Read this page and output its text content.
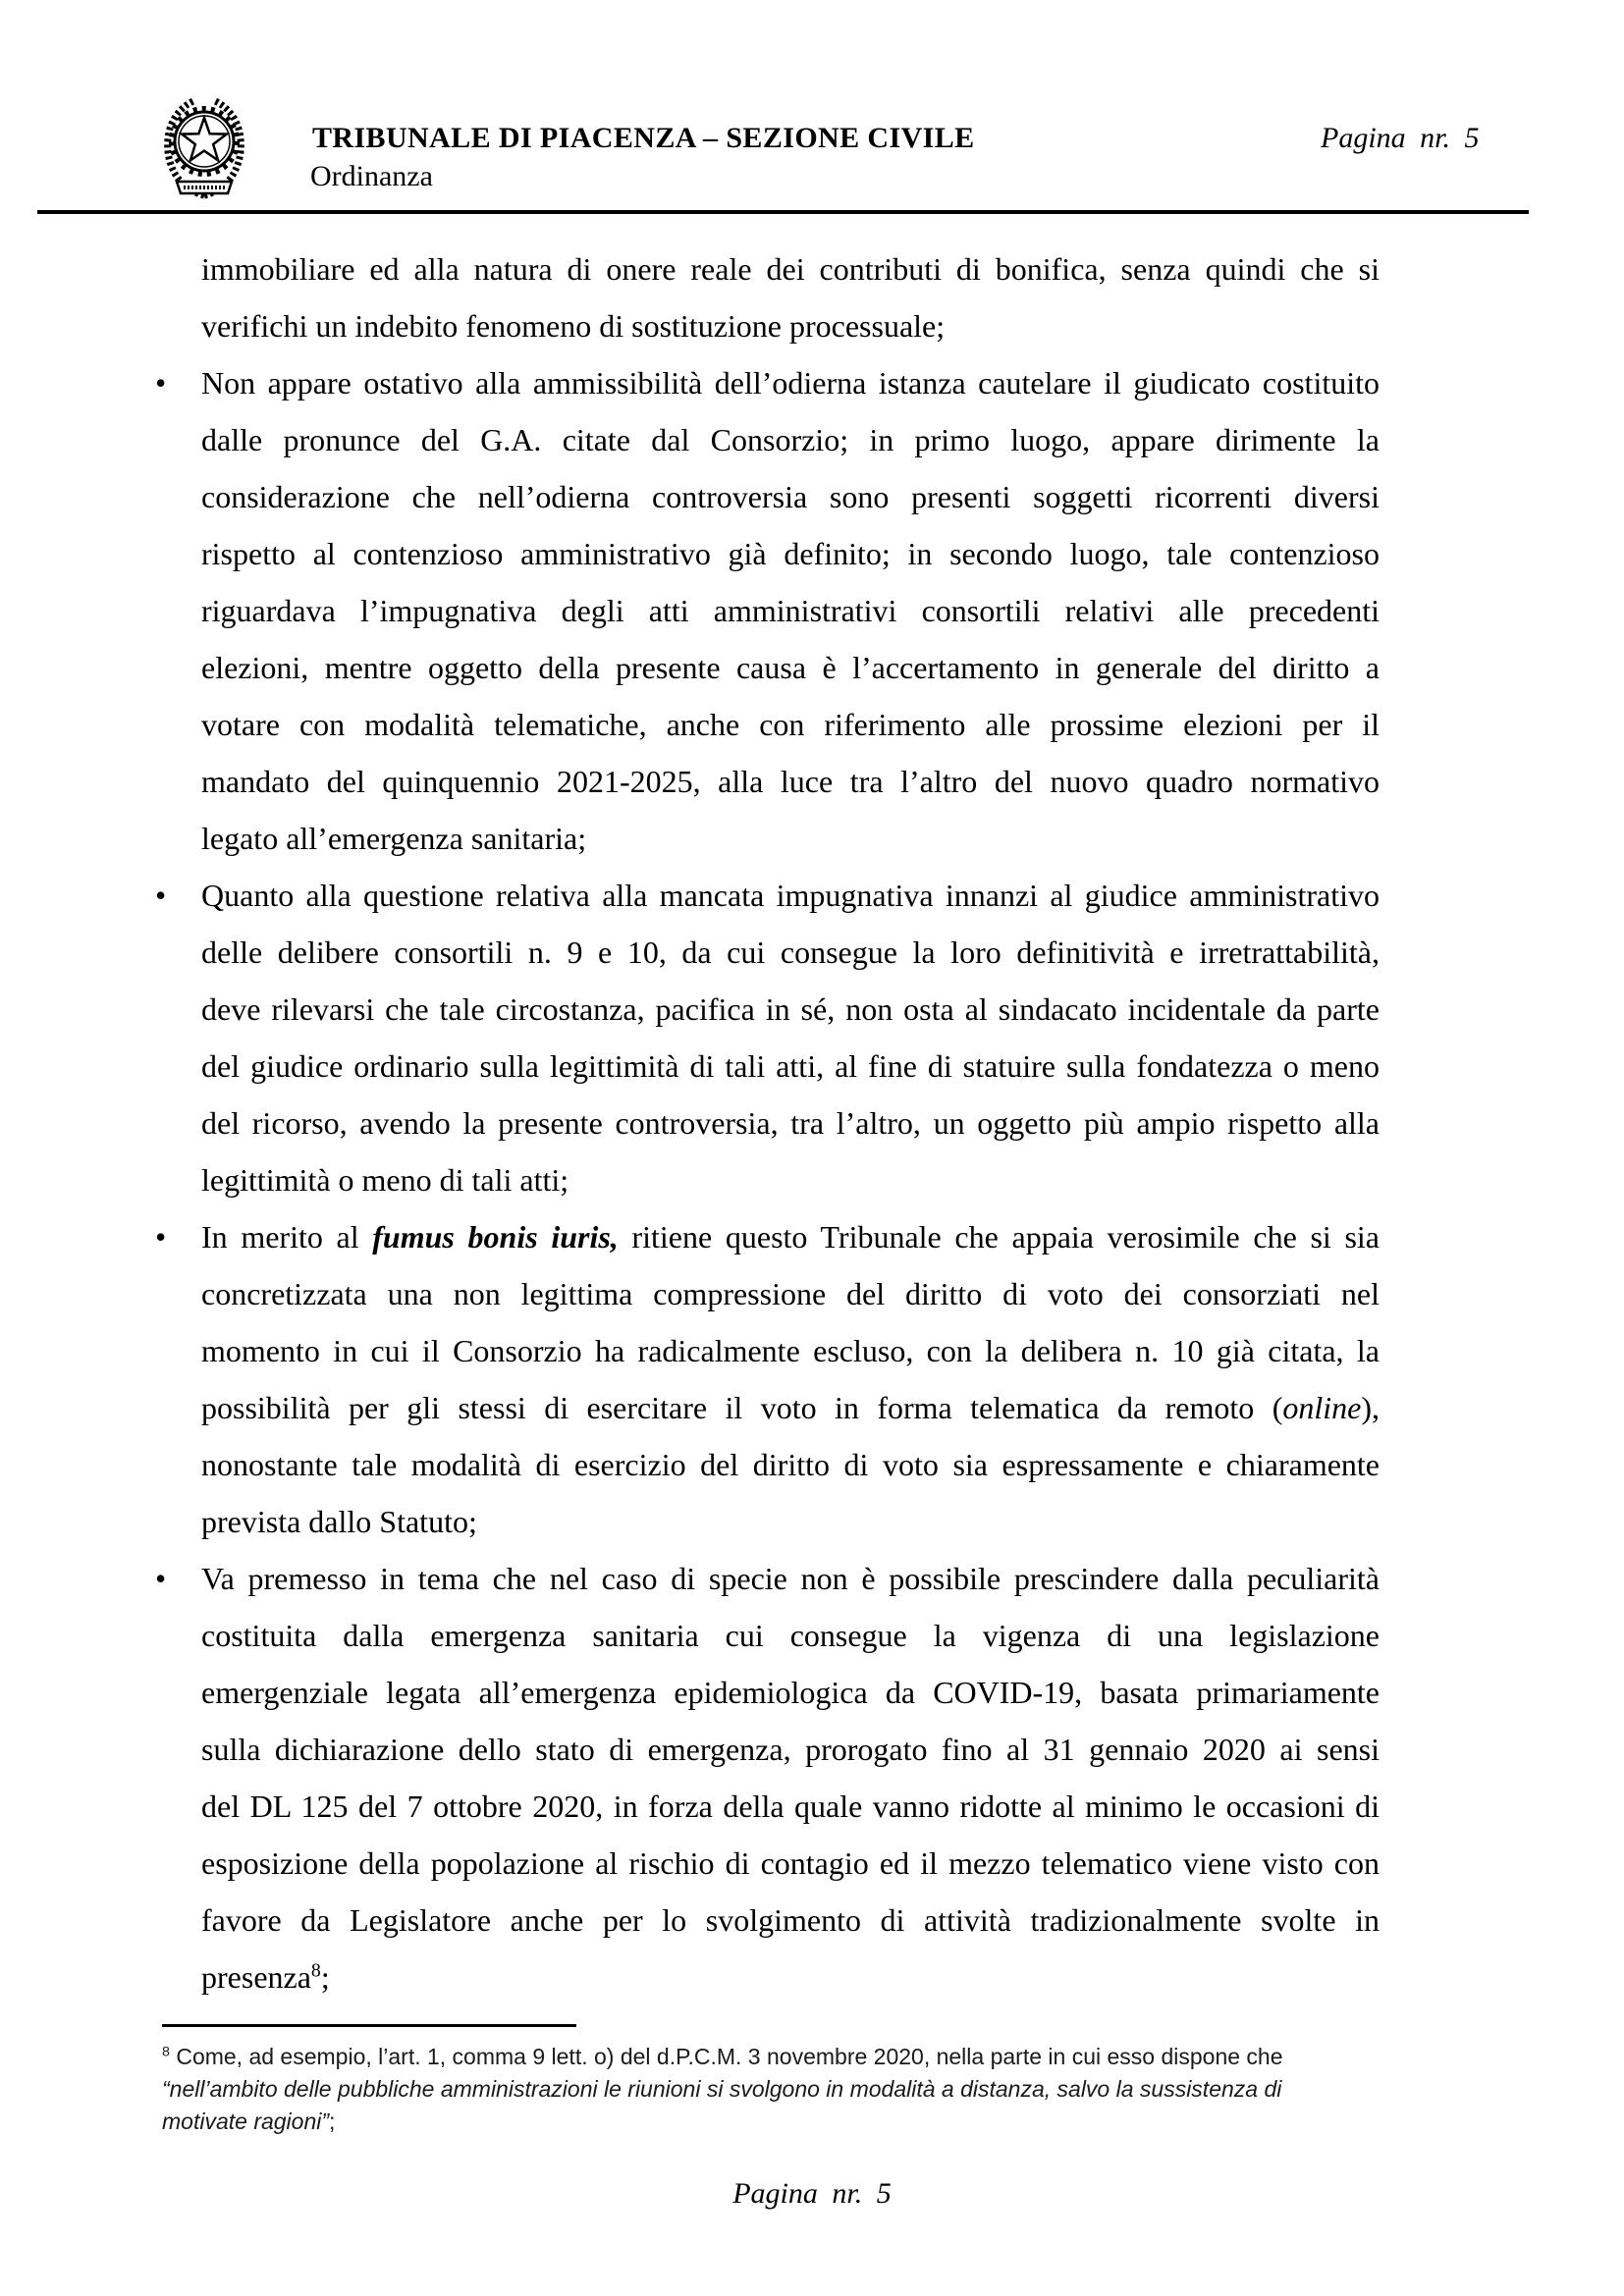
TRIBUNALE DI PIACENZA – SEZIONE CIVILE
Ordinanza
Pagina nr. 5
immobiliare ed alla natura di onere reale dei contributi di bonifica, senza quindi che si
verifichi un indebito fenomeno di sostituzione processuale;
• Non appare ostativo alla ammissibilità dell’odierna istanza cautelare il giudicato costituito
dalle pronunce del G.A. citate dal Consorzio; in primo luogo, appare dirimente la
considerazione che nell’odierna controversia sono presenti soggetti ricorrenti diversi
rispetto al contenzioso amministrativo già definito; in secondo luogo, tale contenzioso
riguardava l’impugnativa degli atti amministrativi consortili relativi alle precedenti
elezioni, mentre oggetto della presente causa è l’accertamento in generale del diritto a
votare con modalità telematiche, anche con riferimento alle prossime elezioni per il
mandato del quinquennio 2021-2025, alla luce tra l’altro del nuovo quadro normativo
legato all’emergenza sanitaria;
• Quanto alla questione relativa alla mancata impugnativa innanzi al giudice amministrativo
delle delibere consortili n. 9 e 10, da cui consegue la loro definitività e irretrattabilità,
deve rilevarsi che tale circostanza, pacifica in sé, non osta al sindacato incidentale da parte
del giudice ordinario sulla legittimità di tali atti, al fine di statuire sulla fondatezza o meno
del ricorso, avendo la presente controversia, tra l’altro, un oggetto più ampio rispetto alla
legittimità o meno di tali atti;
• In merito al fumus bonis iuris, ritiene questo Tribunale che appaia verosimile che si sia
concretizzata una non legittima compressione del diritto di voto dei consorziati nel
momento in cui il Consorzio ha radicalmente escluso, con la delibera n. 10 già citata, la
possibilità per gli stessi di esercitare il voto in forma telematica da remoto (online),
nonostante tale modalità di esercizio del diritto di voto sia espressamente e chiaramente
prevista dallo Statuto;
• Va premesso in tema che nel caso di specie non è possibile prescindere dalla peculiarità
costituita dalla emergenza sanitaria cui consegue la vigenza di una legislazione
emergenziale legata all’emergenza epidemiologica da COVID-19, basata primariamente
sulla dichiarazione dello stato di emergenza, prorogato fino al 31 gennaio 2020 ai sensi
del DL 125 del 7 ottobre 2020, in forza della quale vanno ridotte al minimo le occasioni di
esposizione della popolazione al rischio di contagio ed il mezzo telematico viene visto con
favore da Legislatore anche per lo svolgimento di attività tradizionalmente svolte in
presenza$^8$;
$^8$ Come, ad esempio, l’art. 1, comma 9 lett. o) del d.P.C.M. 3 novembre 2020, nella parte in cui esso dispone che
“nell’ambito delle pubbliche amministrazioni le riunioni si svolgono in modalità a distanza, salvo la sussistenza di
motivate ragioni”;
Pagina nr. 5
